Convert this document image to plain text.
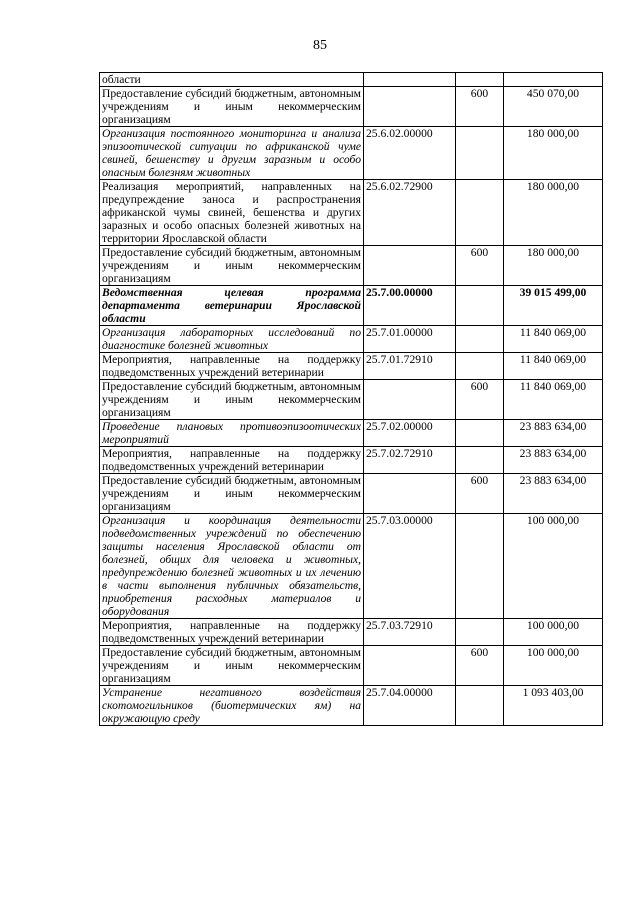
85
области			
Предоставление субсидий бюджетным, автономным учреждениям и иным некоммерческим организациям		600	450 070,00
Организация постоянного мониторинга и анализа эпизоотической ситуации по африканской чуме свиней, бешенству и другим заразным и особо опасным болезням животных	25.6.02.00000		180 000,00
Реализация мероприятий, направленных на предупреждение заноса и распространения африканской чумы свиней, бешенства и других заразных и особо опасных болезней животных на территории Ярославской области	25.6.02.72900		180 000,00
Предоставление субсидий бюджетным, автономным учреждениям и иным некоммерческим организациям		600	180 000,00
Ведомственная целевая программа департамента ветеринарии Ярославской области	25.7.00.00000		39 015 499,00
Организация лабораторных исследований по диагностике болезней животных	25.7.01.00000		11 840 069,00
Мероприятия, направленные на поддержку подведомственных учреждений ветеринарии	25.7.01.72910		11 840 069,00
Предоставление субсидий бюджетным, автономным учреждениям и иным некоммерческим организациям		600	11 840 069,00
Проведение плановых противоэпизоотических мероприятий	25.7.02.00000		23 883 634,00
Мероприятия, направленные на поддержку подведомственных учреждений ветеринарии	25.7.02.72910		23 883 634,00
Предоставление субсидий бюджетным, автономным учреждениям и иным некоммерческим организациям		600	23 883 634,00
Организация и координация деятельности подведомственных учреждений по обеспечению защиты населения Ярославской области от болезней, общих для человека и животных, предупреждению болезней животных и их лечению в части выполнения публичных обязательств, приобретения расходных материалов и оборудования	25.7.03.00000		100 000,00
Мероприятия, направленные на поддержку подведомственных учреждений ветеринарии	25.7.03.72910		100 000,00
Предоставление субсидий бюджетным, автономным учреждениям и иным некоммерческим организациям		600	100 000,00
Устранение негативного воздействия скотомогильников (биотермических ям) на окружающую среду	25.7.04.00000		1 093 403,00
